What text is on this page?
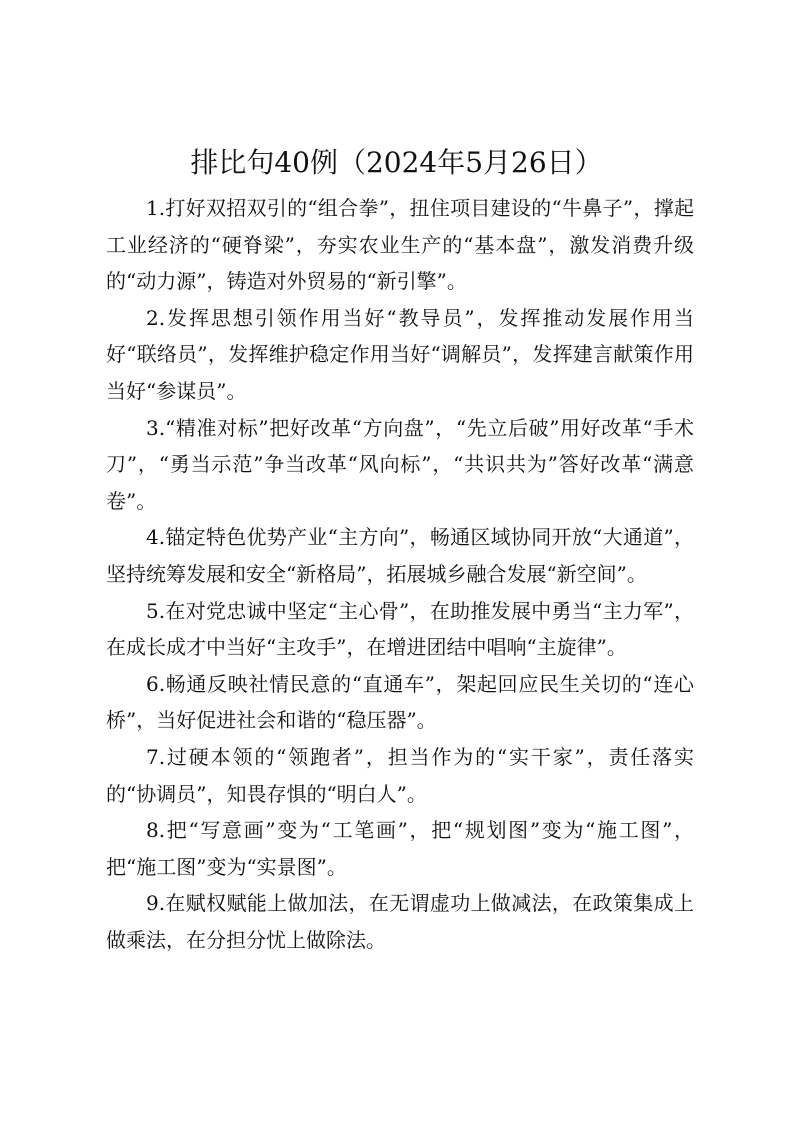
排比句40例（2024年5月26日）

1.打好双招双引的“组合拳”，扭住项目建设的“牛鼻子”，撑起工业经济的“硬脊梁”，夯实农业生产的“基本盘”，激发消费升级的“动力源”，铸造对外贸易的“新引擎”。

2.发挥思想引领作用当好“教导员”，发挥推动发展作用当好“联络员”，发挥维护稳定作用当好“调解员”，发挥建言献策作用当好“参谋员”。

3.“精准对标”把好改革“方向盘”，“先立后破”用好改革“手术刀”，“勇当示范”争当改革“风向标”，“共识共为”答好改革“满意卷”。

4.锚定特色优势产业“主方向”，畅通区域协同开放“大通道”，坚持统筹发展和安全“新格局”，拓展城乡融合发展“新空间”。

5.在对党忠诚中坚定“主心骨”，在助推发展中勇当“主力军”，在成长成才中当好“主攻手”，在增进团结中唱响“主旋律”。

6.畅通反映社情民意的“直通车”，架起回应民生关切的“连心桥”，当好促进社会和谐的“稳压器”。

7.过硬本领的“领跑者”，担当作为的“实干家”，责任落实的“协调员”，知畏存惧的“明白人”。

8.把“写意画”变为“工笔画”，把“规划图”变为“施工图”，把“施工图”变为“实景图”。

9.在赋权赋能上做加法，在无谓虚功上做减法，在政策集成上做乘法，在分担分忧上做除法。
